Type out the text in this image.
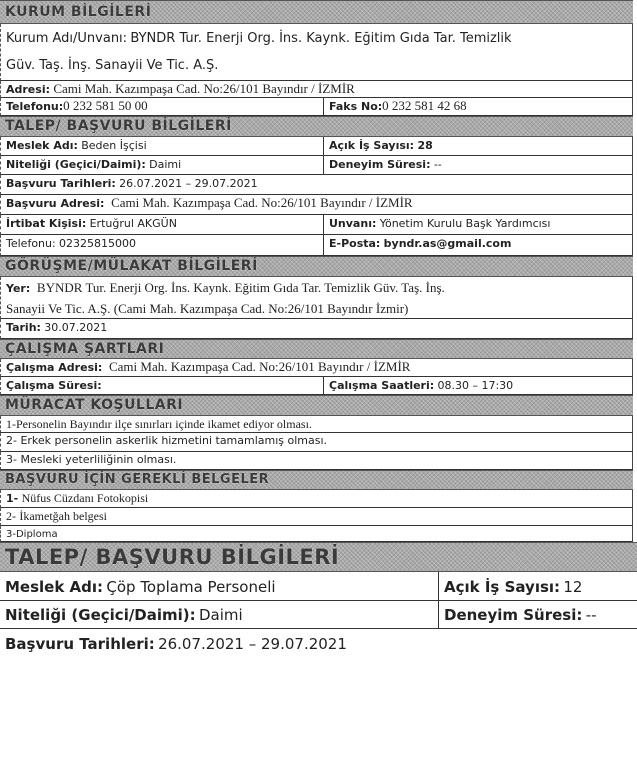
KURUM BİLGİLERİ
Kurum Adı/Unvanı: BYNDR Tur. Enerji Org. İns. Kaynk. Eğitim Gıda Tar. Temizlik
Güv. Taş. İnş. Sanayii Ve Tic. A.Ş.
Adresi: Cami Mah. Kazımpaşa Cad. No:26/101 Bayındır / İZMİR
Telefonu:0 232 581 50 00	Faks No:0 232 581 42 68
TALEP/ BAŞVURU BİLGİLERİ
Meslek Adı: Beden İşçisi	Açık İş Sayısı: 28
Niteliği (Geçici/Daimi): Daimi	Deneyim Süresi: --
Başvuru Tarihleri: 26.07.2021 – 29.07.2021
Başvuru Adresi: Cami Mah. Kazımpaşa Cad. No:26/101 Bayındır / İZMİR
İrtibat Kişisi: Ertuğrul AKGÜN	Unvanı: Yönetim Kurulu Başk Yardımcısı
Telefonu: 02325815000	E-Posta: byndr.as@gmail.com
GÖRÜŞME/MÜLAKAT BİLGİLERİ
Yer: BYNDR Tur. Enerji Org. İns. Kaynk. Eğitim Gıda Tar. Temizlik Güv. Taş. İnş.
Sanayii Ve Tic. A.Ş. (Cami Mah. Kazımpaşa Cad. No:26/101 Bayındır İzmir)
Tarih: 30.07.2021
ÇALIŞMA ŞARTLARI
Çalışma Adresi: Cami Mah. Kazımpaşa Cad. No:26/101 Bayındır / İZMİR
Çalışma Süresi:	Çalışma Saatleri: 08.30 – 17:30
MÜRACAT KOŞULLARI
1-Personelin Bayındır ilçe sınırları içinde ikamet ediyor olması.
2- Erkek personelin askerlik hizmetini tamamlamış olması.
3- Mesleki yeterliliğinin olması.
BAŞVURU İÇİN GEREKLİ BELGELER
1- Nüfus Cüzdanı Fotokopisi
2- İkametğah belgesi
3-Diploma
TALEP/ BAŞVURU BİLGİLERİ
Meslek Adı: Çöp Toplama Personeli	Açık İş Sayısı: 12
Niteliği (Geçici/Daimi): Daimi	Deneyim Süresi: --
Başvuru Tarihleri: 26.07.2021 – 29.07.2021
